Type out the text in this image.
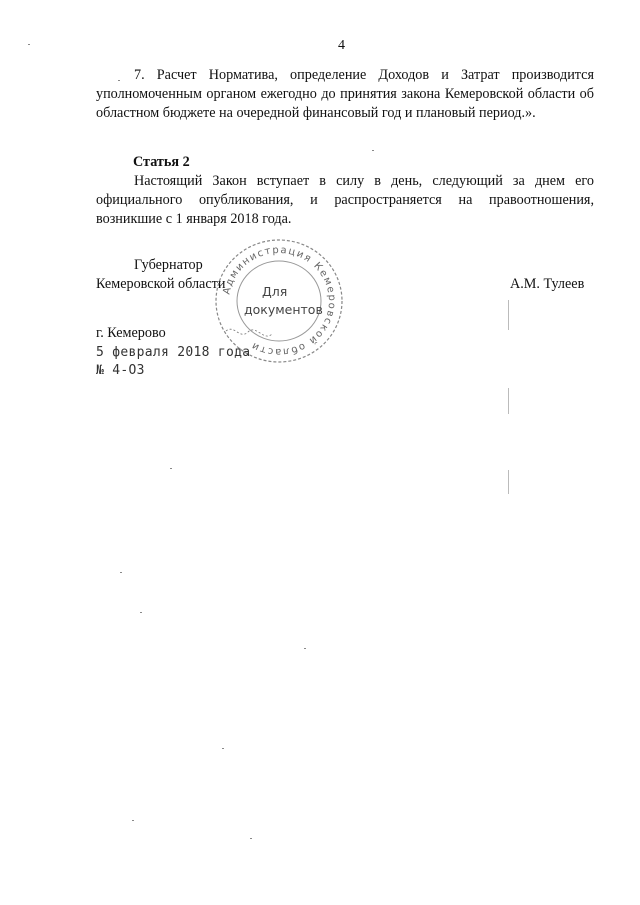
4
7. Расчет Норматива, определение Доходов и Затрат производится уполномоченным органом ежегодно до принятия закона Кемеровской области об областном бюджете на очередной финансовый год и плановый период.».
Статья 2
Настоящий Закон вступает в силу в день, следующий за днем его официального опубликования, и распространяется на правоотношения, возникшие с 1 января 2018 года.
Губернатор
Кемеровской области	А.М. Тулеев
Администрация Кемеровской области
Для
документов
г. Кемерово
5 февраля 2018 года
№ 4-ОЗ
